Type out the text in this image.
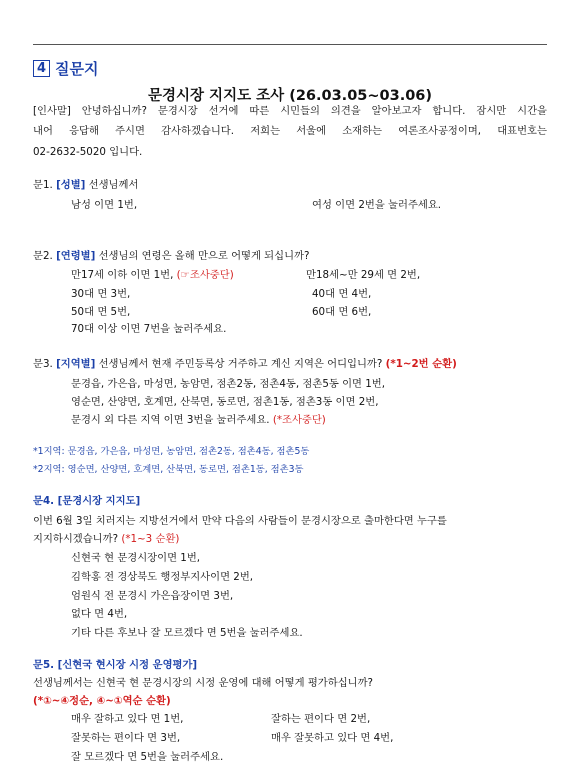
4 질문지
문경시장 지지도 조사 (26.03.05~03.06)
[인사말] 안녕하십니까? 문경시장 선거에 따른 시민들의 의견을 알아보고자 합니다. 잠시만 시간을
내어 응답해 주시면 감사하겠습니다. 저희는 서울에 소재하는 여론조사공정이며, 대표번호는
02-2632-5020 입니다.
문1. [성별] 선생님께서
남성 이면 1번,	여성 이면 2번을 눌러주세요.
문2. [연령별] 선생님의 연령은 올해 만으로 어떻게 되십니까?
만17세 이하 이면 1번, (☞조사중단)	만18세~만 29세 면 2번,
30대 면 3번,	40대 면 4번,
50대 면 5번,	60대 면 6번,
70대 이상 이면 7번을 눌러주세요.
문3. [지역별] 선생님께서 현재 주민등록상 거주하고 계신 지역은 어디입니까? (*1~2번 순환)
문경읍, 가은읍, 마성면, 농암면, 점촌2동, 점촌4동, 점촌5동 이면 1번,
영순면, 산양면, 호계면, 산북면, 동로면, 점촌1동, 점촌3동 이면 2번,
문경시 외 다른 지역 이면 3번을 눌러주세요. (*조사중단)
*1지역: 문경읍, 가은읍, 마성면, 농암면, 점촌2동, 점촌4동, 점촌5동
*2지역: 영순면, 산양면, 호계면, 산북면, 동로면, 점촌1동, 점촌3동
문4. [문경시장 지지도]
이번 6월 3일 치러지는 지방선거에서 만약 다음의 사람들이 문경시장으로 출마한다면 누구를
지지하시겠습니까? (*1~3 순환)
신현국 현 문경시장이면 1번,
김학홍 전 경상북도 행정부지사이면 2번,
엄원식 전 문경시 가은읍장이면 3번,
없다 면 4번,
기타 다른 후보나 잘 모르겠다 면 5번을 눌러주세요.
문5. [신현국 현시장 시정 운영평가]
선생님께서는 신현국 현 문경시장의 시정 운영에 대해 어떻게 평가하십니까?
(*①~④정순, ④~①역순 순환)
매우 잘하고 있다 면 1번,	잘하는 편이다 면 2번,
잘못하는 편이다 면 3번,	매우 잘못하고 있다 면 4번,
잘 모르겠다 면 5번을 눌러주세요.
